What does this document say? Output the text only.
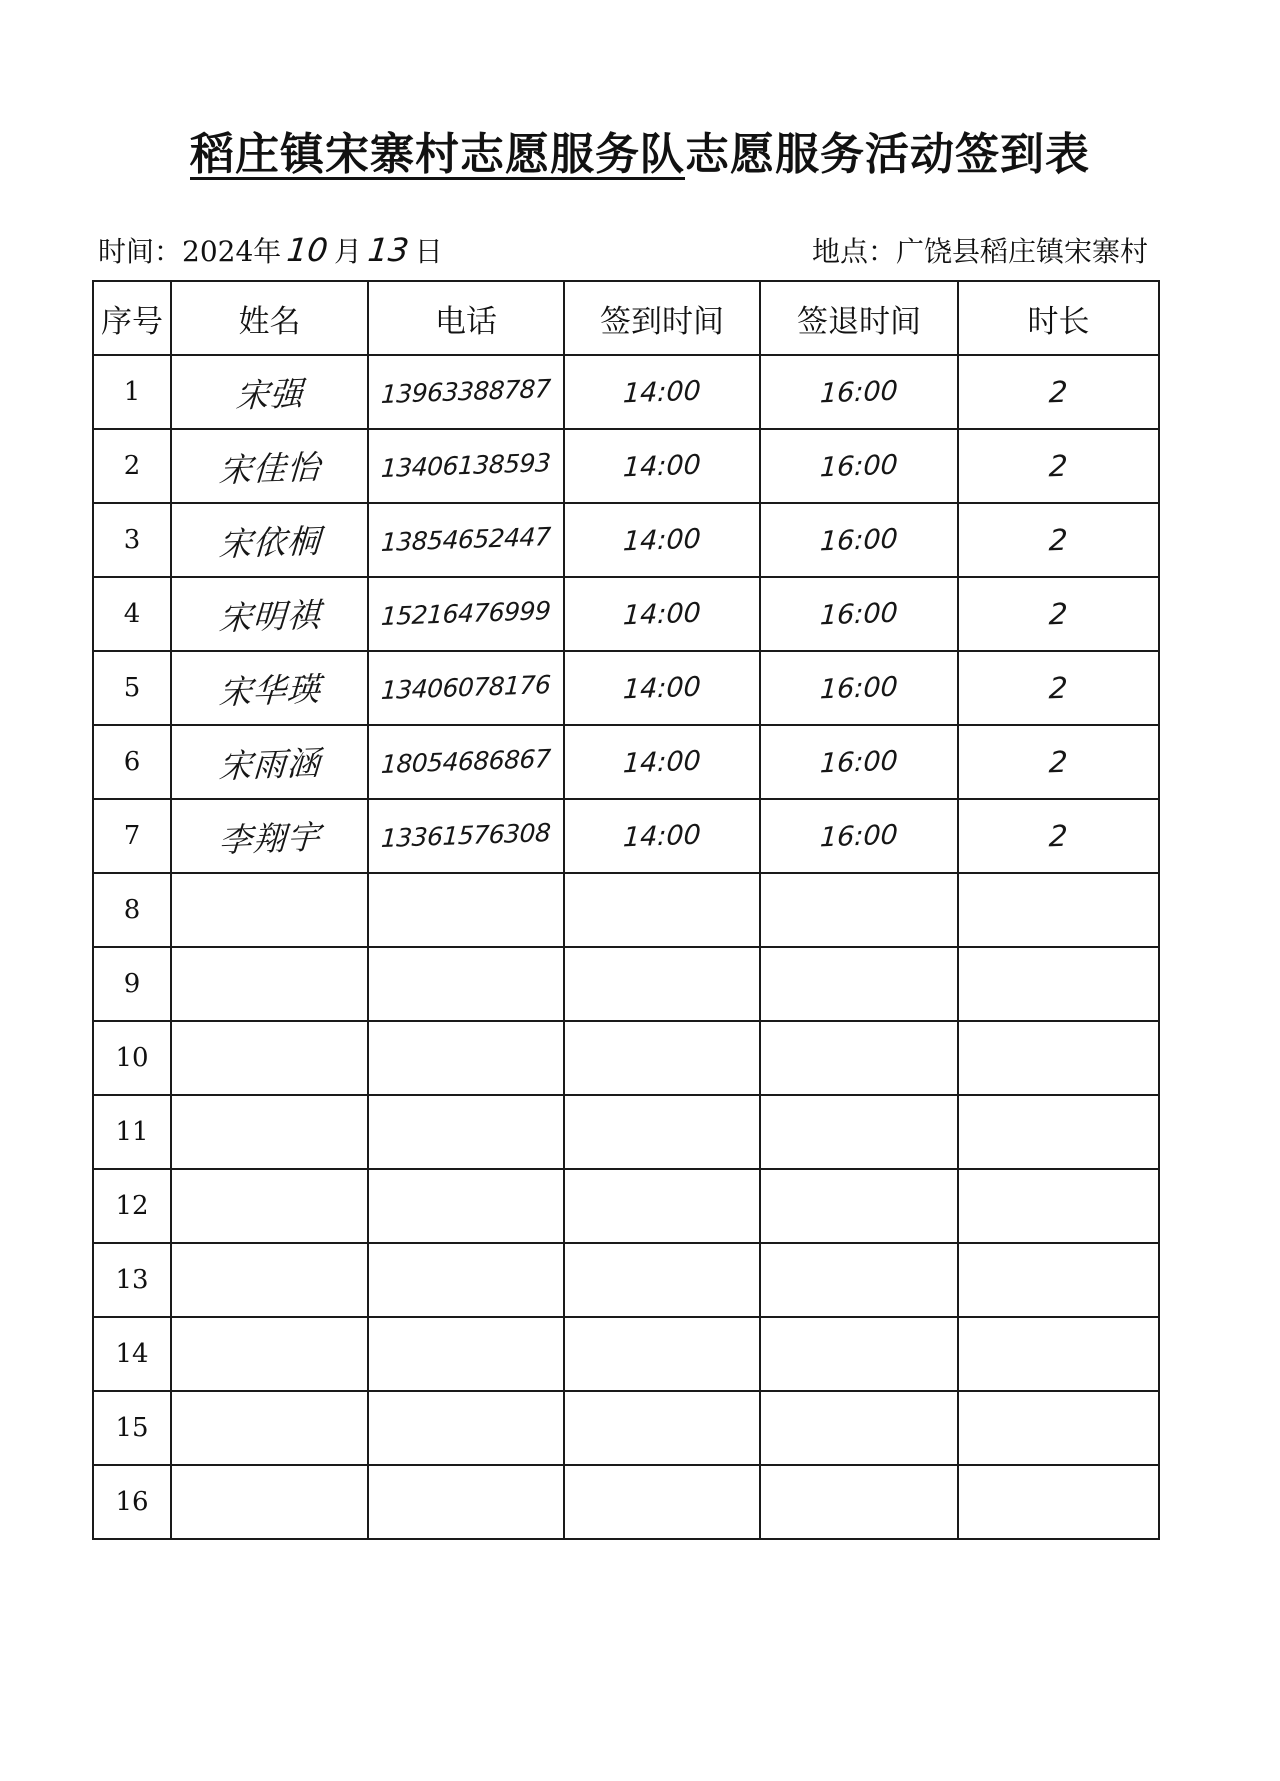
稻庄镇宋寨村志愿服务队志愿服务活动签到表
时间：2024年 10 月 13 日	地点：广饶县稻庄镇宋寨村
序号	姓名	电话	签到时间	签退时间	时长
1	宋强	13963388787	14:00	16:00	2
2	宋佳怡	13406138593	14:00	16:00	2
3	宋依桐	13854652447	14:00	16:00	2
4	宋明祺	15216476999	14:00	16:00	2
5	宋华瑛	13406078176	14:00	16:00	2
6	宋雨涵	18054686867	14:00	16:00	2
7	李翔宇	13361576308	14:00	16:00	2
8					
9					
10					
11					
12					
13					
14					
15					
16					
